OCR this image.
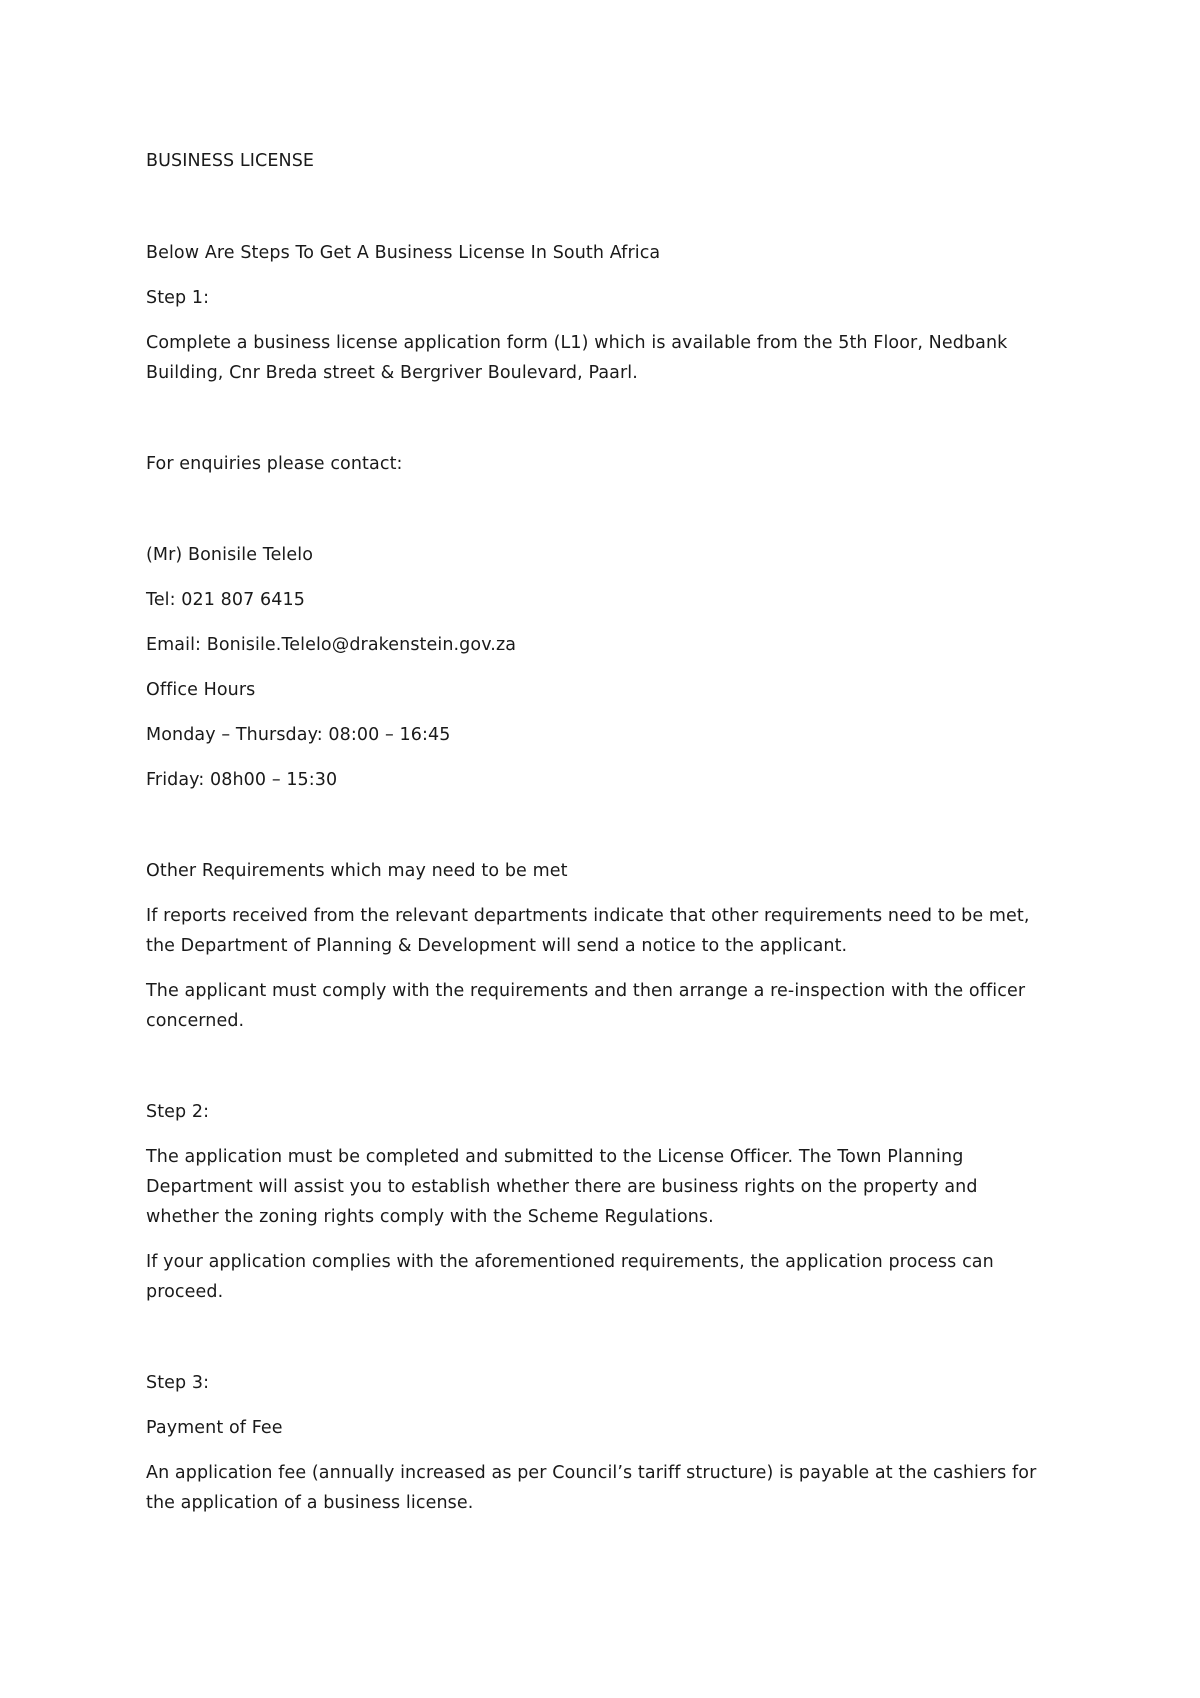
BUSINESS LICENSE

Below Are Steps To Get A Business License In South Africa

Step 1:

Complete a business license application form (L1) which is available from the 5th Floor, Nedbank

Building, Cnr Breda street & Bergriver Boulevard, Paarl.

For enquiries please contact:

(Mr) Bonisile Telelo

Tel: 021 807 6415

Email: Bonisile.Telelo@drakenstein.gov.za

Office Hours

Monday – Thursday: 08:00 – 16:45

Friday: 08h00 – 15:30

Other Requirements which may need to be met

If reports received from the relevant departments indicate that other requirements need to be met,

the Department of Planning & Development will send a notice to the applicant.

The applicant must comply with the requirements and then arrange a re-inspection with the officer

concerned.

Step 2:

The application must be completed and submitted to the License Officer. The Town Planning

Department will assist you to establish whether there are business rights on the property and

whether the zoning rights comply with the Scheme Regulations.

If your application complies with the aforementioned requirements, the application process can

proceed.

Step 3:

Payment of Fee

An application fee (annually increased as per Council’s tariff structure) is payable at the cashiers for

the application of a business license.
